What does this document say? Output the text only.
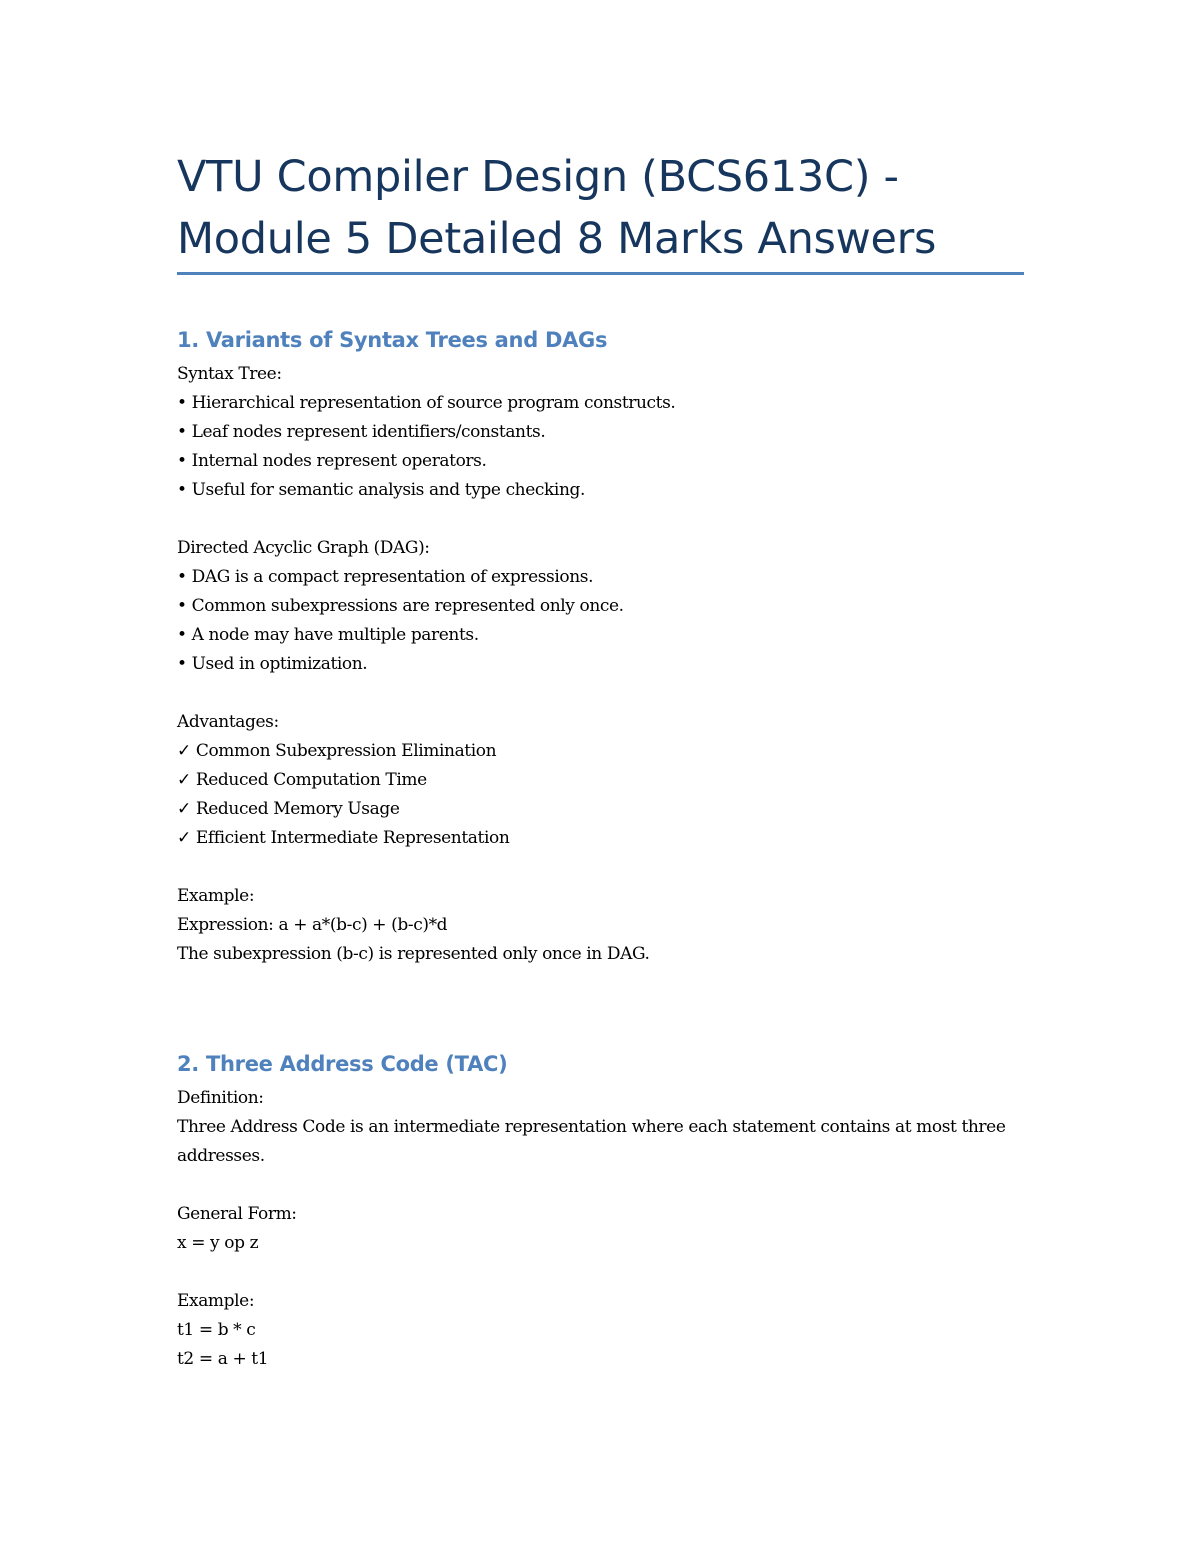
VTU Compiler Design (BCS613C) - Module 5 Detailed 8 Marks Answers
1. Variants of Syntax Trees and DAGs
Syntax Tree:
• Hierarchical representation of source program constructs.
• Leaf nodes represent identifiers/constants.
• Internal nodes represent operators.
• Useful for semantic analysis and type checking.
Directed Acyclic Graph (DAG):
• DAG is a compact representation of expressions.
• Common subexpressions are represented only once.
• A node may have multiple parents.
• Used in optimization.
Advantages:
✓ Common Subexpression Elimination
✓ Reduced Computation Time
✓ Reduced Memory Usage
✓ Efficient Intermediate Representation
Example:
Expression: a + a*(b-c) + (b-c)*d
The subexpression (b-c) is represented only once in DAG.
2. Three Address Code (TAC)
Definition:
Three Address Code is an intermediate representation where each statement contains at most three addresses.
General Form:
x = y op z
Example:
t1 = b * c
t2 = a + t1
